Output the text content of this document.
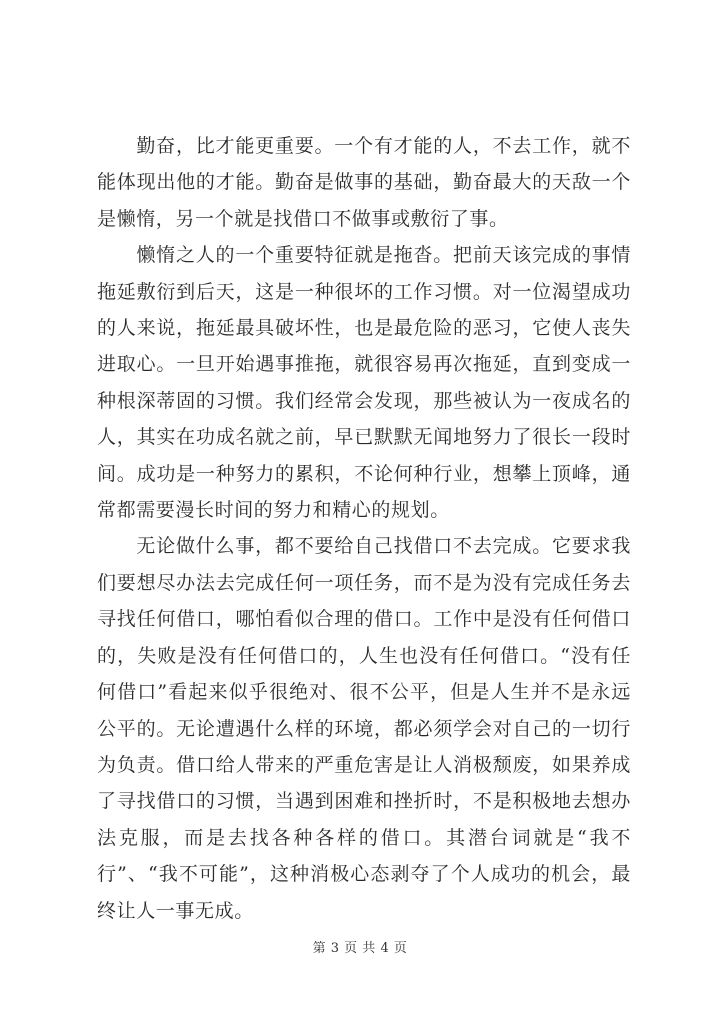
勤奋，比才能更重要。一个有才能的人，不去工作，就不能体现出他的才能。勤奋是做事的基础，勤奋最大的天敌一个是懒惰，另一个就是找借口不做事或敷衍了事。

懒惰之人的一个重要特征就是拖沓。把前天该完成的事情拖延敷衍到后天，这是一种很坏的工作习惯。对一位渴望成功的人来说，拖延最具破坏性，也是最危险的恶习，它使人丧失进取心。一旦开始遇事推拖，就很容易再次拖延，直到变成一种根深蒂固的习惯。我们经常会发现，那些被认为一夜成名的人，其实在功成名就之前，早已默默无闻地努力了很长一段时间。成功是一种努力的累积，不论何种行业，想攀上顶峰，通常都需要漫长时间的努力和精心的规划。

无论做什么事，都不要给自己找借口不去完成。它要求我们要想尽办法去完成任何一项任务，而不是为没有完成任务去寻找任何借口，哪怕看似合理的借口。工作中是没有任何借口的，失败是没有任何借口的，人生也没有任何借口。“没有任何借口”看起来似乎很绝对、很不公平，但是人生并不是永远公平的。无论遭遇什么样的环境，都必须学会对自己的一切行为负责。借口给人带来的严重危害是让人消极颓废，如果养成了寻找借口的习惯，当遇到困难和挫折时，不是积极地去想办法克服，而是去找各种各样的借口。其潜台词就是“我不行”、“我不可能”，这种消极心态剥夺了个人成功的机会，最终让人一事无成。

第 3 页 共 4 页
